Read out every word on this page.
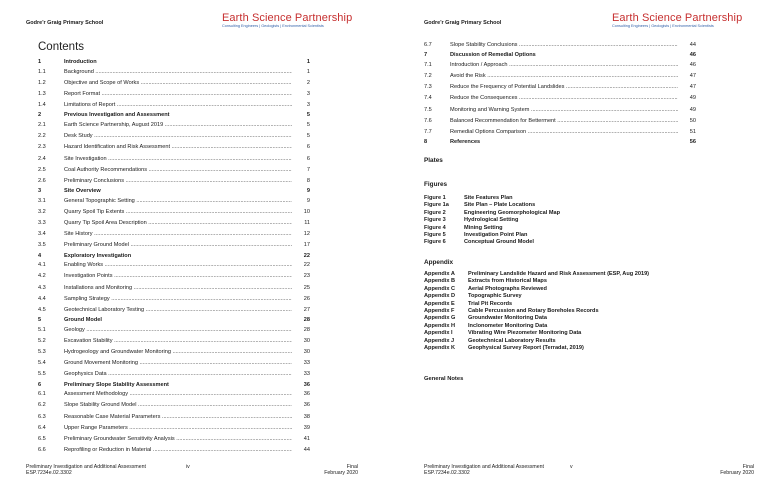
Godre'r Graig Primary School	Earth Science Partnership
Consulting Engineers | Geologists | Environmental Scientists
Contents
1	Introduction	1
1.1	Background .....	1
1.2	Objective and Scope of Works .....	2
1.3	Report Format .....	3
1.4	Limitations of Report .....	3
2	Previous Investigation and Assessment	5
2.1	Earth Science Partnership, August 2019 .....	5
2.2	Desk Study .....	5
2.3	Hazard Identification and Risk Assessment .....	6
2.4	Site Investigation .....	6
2.5	Coal Authority Recommendations .....	7
2.6	Preliminary Conclusions .....	8
3	Site Overview	9
3.1	General Topographic Setting .....	9
3.2	Quarry Spoil Tip Extents .....	10
3.3	Quarry Tip Spoil Area Description .....	11
3.4	Site History .....	12
3.5	Preliminary Ground Model .....	17
4	Exploratory Investigation	22
4.1	Enabling Works .....	22
4.2	Investigation Points .....	23
4.3	Installations and Monitoring .....	25
4.4	Sampling Strategy .....	26
4.5	Geotechnical Laboratory Testing .....	27
5	Ground Model	28
5.1	Geology .....	28
5.2	Excavation Stability .....	30
5.3	Hydrogeology and Groundwater Monitoring .....	30
5.4	Ground Movement Monitoring .....	33
5.5	Geophysics Data .....	33
6	Preliminary Slope Stability Assessment	36
6.1	Assessment Methodology .....	36
6.2	Slope Stability Ground Model .....	36
6.3	Reasonable Case Material Parameters .....	38
6.4	Upper Range Parameters .....	39
6.5	Preliminary Groundwater Sensitivity Analysis .....	41
6.6	Reprofiling or Reduction in Material .....	44
Preliminary Investigation and Additional Assessment
ESP.7234e.02.3302
iv	Final
February 2020
Godre'r Graig Primary School	Earth Science Partnership
Consulting Engineers | Geologists | Environmental Scientists
6.7	Slope Stability Conclusions .....	44
7	Discussion of Remedial Options	46
7.1	Introduction / Approach .....	46
7.2	Avoid the Risk .....	47
7.3	Reduce the Frequency of Potential Landslides .....	47
7.4	Reduce the Consequences .....	49
7.5	Monitoring and Warning System .....	49
7.6	Balanced Recommendation for Betterment .....	50
7.7	Remedial Options Comparison .....	51
8	References	56
Plates
Figures
Figure 1	Site Features Plan
Figure 1a	Site Plan – Plate Locations
Figure 2	Engineering Geomorphological Map
Figure 3	Hydrological Setting
Figure 4	Mining Setting
Figure 5	Investigation Point Plan
Figure 6	Conceptual Ground Model
Appendix
Appendix A Preliminary Landslide Hazard and Risk Assessment (ESP, Aug 2019)
Appendix B Extracts from Historical Maps
Appendix C Aerial Photographs Reviewed
Appendix D Topographic Survey
Appendix E Trial Pit Records
Appendix F Cable Percussion and Rotary Boreholes Records
Appendix G Groundwater Monitoring Data
Appendix H Inclonometer Monitoring Data
Appendix I	Vibrating Wire Piezometer Monitoring Data
Appendix J Geotechnical Laboratory Results
Appendix K Geophysical Survey Report (Terradat, 2019)
General Notes
Preliminary Investigation and Additional Assessment
ESP.7234e.02.3302
v	Final
February 2020
